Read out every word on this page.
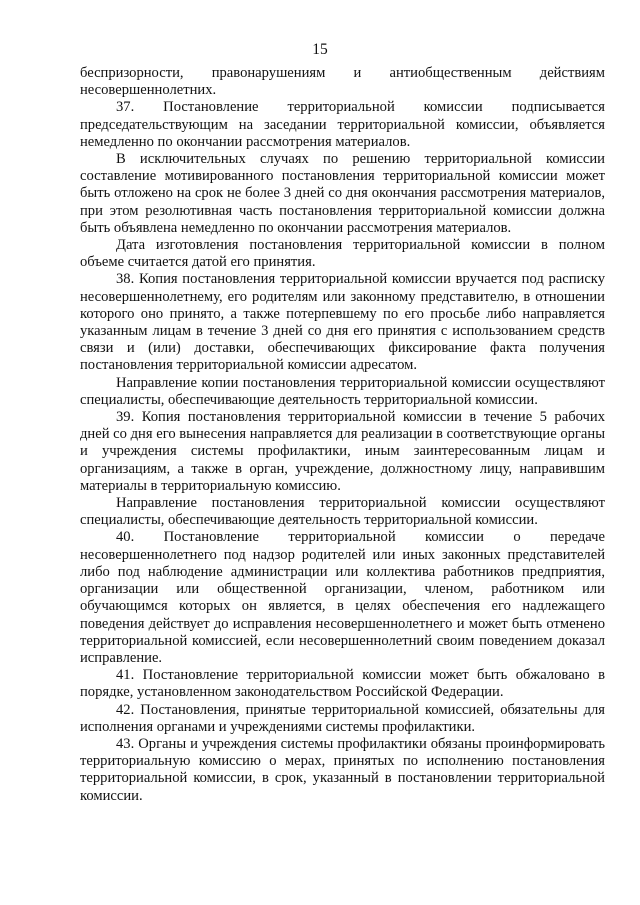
15

беспризорности, правонарушениям и антиобщественным действиям несовершеннолетних.

37. Постановление территориальной комиссии подписывается председательствующим на заседании территориальной комиссии, объявляется немедленно по окончании рассмотрения материалов.

В исключительных случаях по решению территориальной комиссии составление мотивированного постановления территориальной комиссии может быть отложено на срок не более 3 дней со дня окончания рассмотрения материалов, при этом резолютивная часть постановления территориальной комиссии должна быть объявлена немедленно по окончании рассмотрения материалов.

Дата изготовления постановления территориальной комиссии в полном объеме считается датой его принятия.

38. Копия постановления территориальной комиссии вручается под расписку несовершеннолетнему, его родителям или законному представителю, в отношении которого оно принято, а также потерпевшему по его просьбе либо направляется указанным лицам в течение 3 дней со дня его принятия с использованием средств связи и (или) доставки, обеспечивающих фиксирование факта получения постановления территориальной комиссии адресатом.

Направление копии постановления территориальной комиссии осуществляют специалисты, обеспечивающие деятельность территориальной комиссии.

39. Копия постановления территориальной комиссии в течение 5 рабочих дней со дня его вынесения направляется для реализации в соответствующие органы и учреждения системы профилактики, иным заинтересованным лицам и организациям, а также в орган, учреждение, должностному лицу, направившим материалы в территориальную комиссию.

Направление постановления территориальной комиссии осуществляют специалисты, обеспечивающие деятельность территориальной комиссии.

40. Постановление территориальной комиссии о передаче несовершеннолетнего под надзор родителей или иных законных представителей либо под наблюдение администрации или коллектива работников предприятия, организации или общественной организации, членом, работником или обучающимся которых он является, в целях обеспечения его надлежащего поведения действует до исправления несовершеннолетнего и может быть отменено территориальной комиссией, если несовершеннолетний своим поведением доказал исправление.

41. Постановление территориальной комиссии может быть обжаловано в порядке, установленном законодательством Российской Федерации.

42. Постановления, принятые территориальной комиссией, обязательны для исполнения органами и учреждениями системы профилактики.

43. Органы и учреждения системы профилактики обязаны проинформировать территориальную комиссию о мерах, принятых по исполнению постановления территориальной комиссии, в срок, указанный в постановлении территориальной комиссии.
